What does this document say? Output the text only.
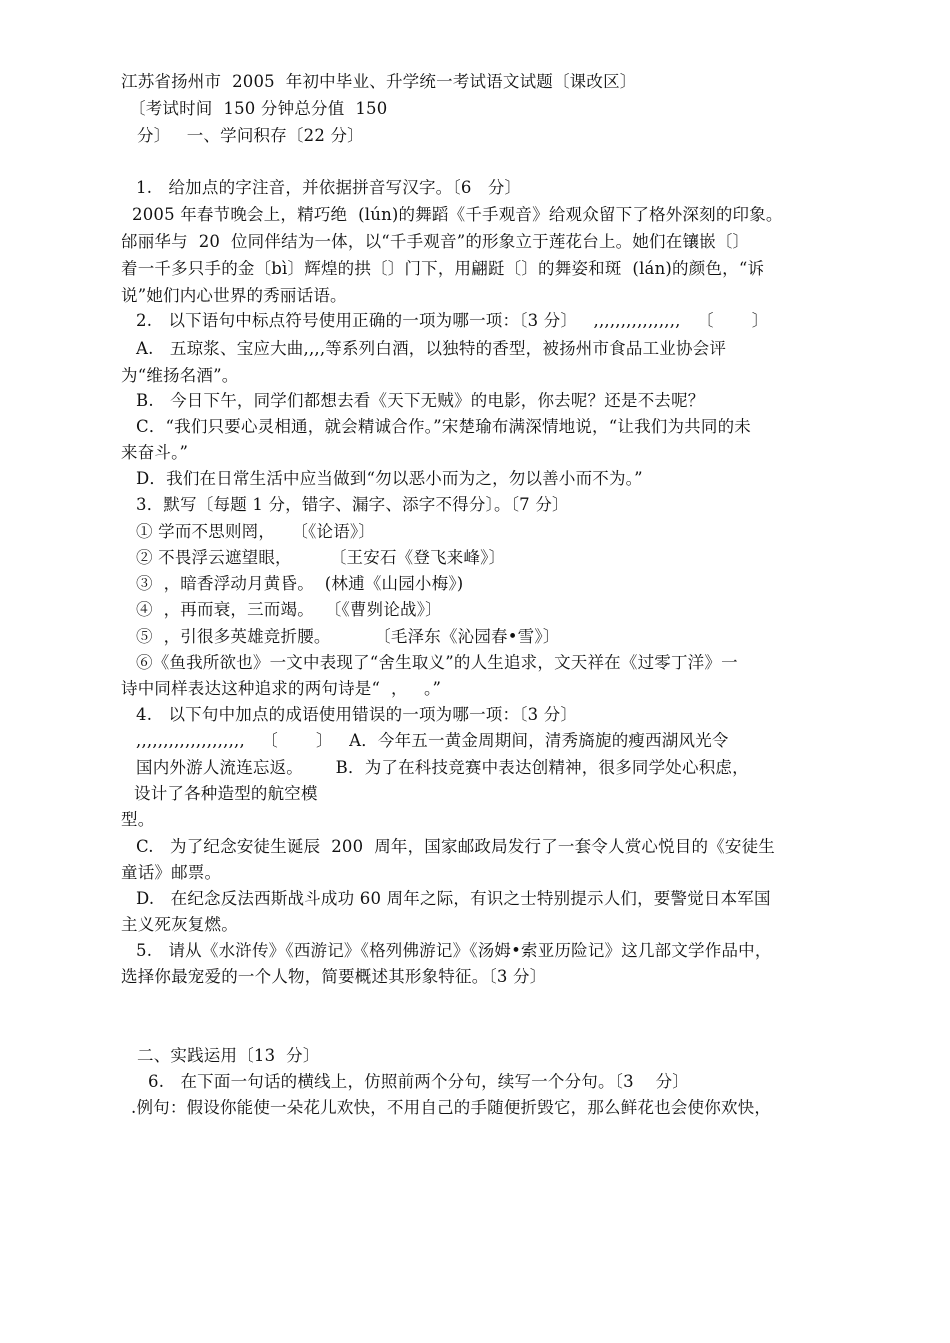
江苏省扬州市  2005  年初中毕业、升学统一考试语文试题〔课改区〕
〔考试时间  150 分钟总分值  150
分〕   一、学问积存〔22 分〕
1.   给加点的字注音，并依据拼音写汉字。〔6   分〕
2005 年春节晚会上，精巧绝  (lún)的舞蹈《千手观音》给观众留下了格外深刻的印象。
邰丽华与  20  位同伴结为一体，以“千手观音”的形象立于莲花台上。她们在镶嵌〔〕
着一千多只手的金〔bì〕辉煌的拱〔〕门下，用翩跹〔〕的舞姿和斑  (lán)的颜色，“诉
说”她们内心世界的秀丽话语。
2.   以下语句中标点符号使用正确的一项为哪一项：〔3 分〕   ,,,,,,,,,,,,,,,,   〔       〕
A.   五琼浆、宝应大曲,,,,等系列白酒，以独特的香型，被扬州市食品工业协会评
为“维扬名酒”。
B.   今日下午，同学们都想去看《天下无贼》的电影，你去呢？还是不去呢？
C．“我们只要心灵相通，就会精诚合作。”宋楚瑜布满深情地说，“让我们为共同的未
来奋斗。”
D．我们在日常生活中应当做到“勿以恶小而为之，勿以善小而不为。”
3．默写〔每题 1 分，错字、漏字、添字不得分〕。〔7 分〕
① 学而不思则罔，   〔《论语》〕
② 不畏浮云遮望眼，       〔王安石《登飞来峰》〕
③  ，暗香浮动月黄昏。  (林逋《山园小梅》)
④  ，再而衰，三而竭。  〔《曹刿论战》〕
⑤  ，引很多英雄竞折腰。        〔毛泽东《沁园春•雪》〕
⑥《鱼我所欲也》一文中表现了“舍生取义”的人生追求，文天祥在《过零丁洋》一
诗中同样表达这种追求的两句诗是“  ，   。”
4.   以下句中加点的成语使用错误的一项为哪一项：〔3 分〕
,,,,,,,,,,,,,,,,,,,,   〔       〕   A．今年五一黄金周期间，清秀旖旎的瘦西湖风光令
国内外游人流连忘返。      B．为了在科技竞赛中表达创精神，很多同学处心积虑，
设计了各种造型的航空模
型。
C.   为了纪念安徒生诞辰  200  周年，国家邮政局发行了一套令人赏心悦目的《安徒生
童话》邮票。
D.   在纪念反法西斯战斗成功 60 周年之际，有识之士特别提示人们，要警觉日本军国
主义死灰复燃。
5.   请从《水浒传》《西游记》《格列佛游记》《汤姆•索亚历险记》这几部文学作品中，
选择你最宠爱的一个人物，简要概述其形象特征。〔3 分〕
二、实践运用〔13  分〕
6.   在下面一句话的横线上，仿照前两个分句，续写一个分句。〔3    分〕
.例句：假设你能使一朵花儿欢快，不用自己的手随便折毁它，那么鲜花也会使你欢快，
